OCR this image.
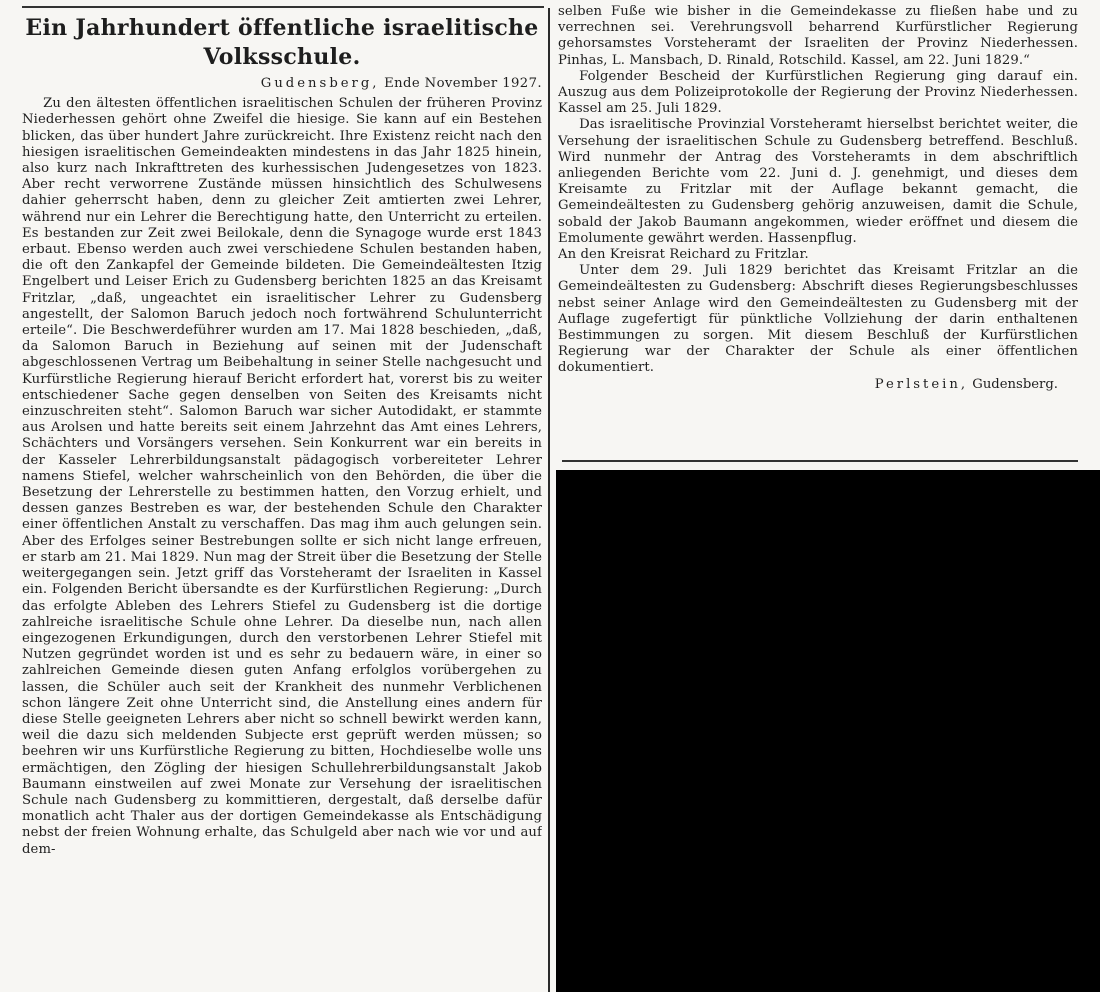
Ein Jahrhundert öffentliche israelitische
Volksschule.
Gudensberg, Ende November 1927.

Zu den ältesten öffentlichen israelitischen Schulen der früheren Provinz Niederhessen gehört ohne Zweifel die hiesige. Sie kann auf ein Bestehen blicken, das über hundert Jahre zurückreicht. Ihre Existenz reicht nach den hiesigen israelitischen Gemeindeakten mindestens in das Jahr 1825 hinein, also kurz nach Inkrafttreten des kurhessischen Judengesetzes von 1823. Aber recht verworrene Zustände müssen hinsichtlich des Schulwesens dahier geherrscht haben, denn zu gleicher Zeit amtierten zwei Lehrer, während nur ein Lehrer die Berechtigung hatte, den Unterricht zu erteilen. Es bestanden zur Zeit zwei Beilokale, denn die Synagoge wurde erst 1843 erbaut. Ebenso werden auch zwei verschiedene Schulen bestanden haben, die oft den Zankapfel der Gemeinde bildeten. Die Gemeindeältesten Itzig Engelbert und Leiser Erich zu Gudensberg berichten 1825 an das Kreisamt Fritzlar, „daß, ungeachtet ein israelitischer Lehrer zu Gudensberg angestellt, der Salomon Baruch jedoch noch fortwährend Schulunterricht erteile“. Die Beschwerdeführer wurden am 17. Mai 1828 beschieden, „daß, da Salomon Baruch in Beziehung auf seinen mit der Judenschaft abgeschlossenen Vertrag um Beibehaltung in seiner Stelle nachgesucht und Kurfürstliche Regierung hierauf Bericht erfordert hat, vorerst bis zu weiter entschiedener Sache gegen denselben von Seiten des Kreisamts nicht einzuschreiten steht“. Salomon Baruch war sicher Autodidakt, er stammte aus Arolsen und hatte bereits seit einem Jahrzehnt das Amt eines Lehrers, Schächters und Vorsängers versehen. Sein Konkurrent war ein bereits in der Kasseler Lehrerbildungsanstalt pädagogisch vorbereiteter Lehrer namens Stiefel, welcher wahrscheinlich von den Behörden, die über die Besetzung der Lehrerstelle zu bestimmen hatten, den Vorzug erhielt, und dessen ganzes Bestreben es war, der bestehenden Schule den Charakter einer öffentlichen Anstalt zu verschaffen. Das mag ihm auch gelungen sein. Aber des Erfolges seiner Bestrebungen sollte er sich nicht lange erfreuen, er starb am 21. Mai 1829. Nun mag der Streit über die Besetzung der Stelle weitergegangen sein. Jetzt griff das Vorsteheramt der Israeliten in Kassel ein. Folgenden Bericht übersandte es der Kurfürstlichen Regierung: „Durch das erfolgte Ableben des Lehrers Stiefel zu Gudensberg ist die dortige zahlreiche israelitische Schule ohne Lehrer. Da dieselbe nun, nach allen eingezogenen Erkundigungen, durch den verstorbenen Lehrer Stiefel mit Nutzen gegründet worden ist und es sehr zu bedauern wäre, in einer so zahlreichen Gemeinde diesen guten Anfang erfolglos vorübergehen zu lassen, die Schüler auch seit der Krankheit des nunmehr Verblichenen schon längere Zeit ohne Unterricht sind, die Anstellung eines andern für diese Stelle geeigneten Lehrers aber nicht so schnell bewirkt werden kann, weil die dazu sich meldenden Subjecte erst geprüft werden müssen; so beehren wir uns Kurfürstliche Regierung zu bitten, Hochdieselbe wolle uns ermächtigen, den Zögling der hiesigen Schullehrerbildungsanstalt Jakob Baumann einstweilen auf zwei Monate zur Versehung der israelitischen Schule nach Gudensberg zu kommittieren, dergestalt, daß derselbe dafür monatlich acht Thaler aus der dortigen Gemeindekasse als Entschädigung nebst der freien Wohnung erhalte, das Schulgeld aber nach wie vor und auf dem-

selben Fuße wie bisher in die Gemeindekasse zu fließen habe und zu verrechnen sei. Verehrungsvoll beharrend Kurfürstlicher Regierung gehorsamstes Vorsteheramt der Israeliten der Provinz Niederhessen. Pinhas, L. Mansbach, D. Rinald, Rotschild. Kassel, am 22. Juni 1829.“

Folgender Bescheid der Kurfürstlichen Regierung ging darauf ein. Auszug aus dem Polizeiprotokolle der Regierung der Provinz Niederhessen. Kassel am 25. Juli 1829.

Das israelitische Provinzial Vorsteheramt hierselbst berichtet weiter, die Versehung der israelitischen Schule zu Gudensberg betreffend. Beschluß. Wird nunmehr der Antrag des Vorsteheramts in dem abschriftlich anliegenden Berichte vom 22. Juni d. J. genehmigt, und dieses dem Kreisamte zu Fritzlar mit der Auflage bekannt gemacht, die Gemeindeältesten zu Gudensberg gehörig anzuweisen, damit die Schule, sobald der Jakob Baumann angekommen, wieder eröffnet und diesem die Emolumente gewährt werden. Hassenpflug.

An den Kreisrat Reichard zu Fritzlar.

Unter dem 29. Juli 1829 berichtet das Kreisamt Fritzlar an die Gemeindeältesten zu Gudensberg: Abschrift dieses Regierungsbeschlusses nebst seiner Anlage wird den Gemeindeältesten zu Gudensberg mit der Auflage zugefertigt für pünktliche Vollziehung der darin enthaltenen Bestimmungen zu sorgen. Mit diesem Beschluß der Kurfürstlichen Regierung war der Charakter der Schule als einer öffentlichen dokumentiert.

Perlstein, Gudensberg.
